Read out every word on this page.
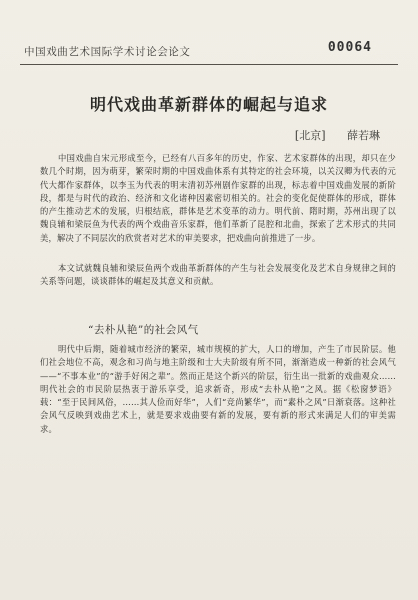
中国戏曲艺术国际学术讨论会论文	00064
明代戏曲革新群体的崛起与追求
[北京] 薛若琳
中国戏曲自宋元形成至今，已经有八百多年的历史，作家、艺术家群体的出现，却只在少数几个时期，因为萌芽，繁荣时期的中国戏曲体系有其特定的社会环境，以关汉卿为代表的元代大都作家群体，以李玉为代表的明末清初苏州剧作家群的出现，标志着中国戏曲发展的新阶段，都是与时代的政治、经济和文化诸种因素密切相关的。社会的变化促使群体的形成，群体的产生推动艺术的发展，归根结底，群体是艺术变革的动力。明代前、隋时期，苏州出现了以魏良辅和梁辰鱼为代表的两个戏曲音乐家群，他们革新了昆腔和北曲，探索了艺术形式的共同美，解决了不同层次的欣赏者对艺术的审美要求，把戏曲向前推进了一步。
本文试就魏良辅和梁辰鱼两个戏曲革新群体的产生与社会发展变化及艺术自身规律之间的关系等问题，谈谈群体的崛起及其意义和贡献。
“去朴从艳”的社会风气
明代中后期，随着城市经济的繁荣，城市规模的扩大，人口的增加，产生了市民阶层。他们社会地位不高，观念和习尚与地主阶级和士大夫阶级有所不同，渐渐造成一种新的社会风气——“不事本业”的“游手好闲之辈”。然而正是这个新兴的阶层，衍生出一批新的戏曲观众……明代社会的市民阶层热衷于游乐享受，追求新奇，形成“去朴从艳”之风。据《松窗梦语》载：“至于民间风俗，……其人俭而好华”，人们“竞尚繁华”，而“素朴之风”日渐衰落。这种社会风气反映到戏曲艺术上，就是要求戏曲要有新的发展，要有新的形式来满足人们的审美需求。
